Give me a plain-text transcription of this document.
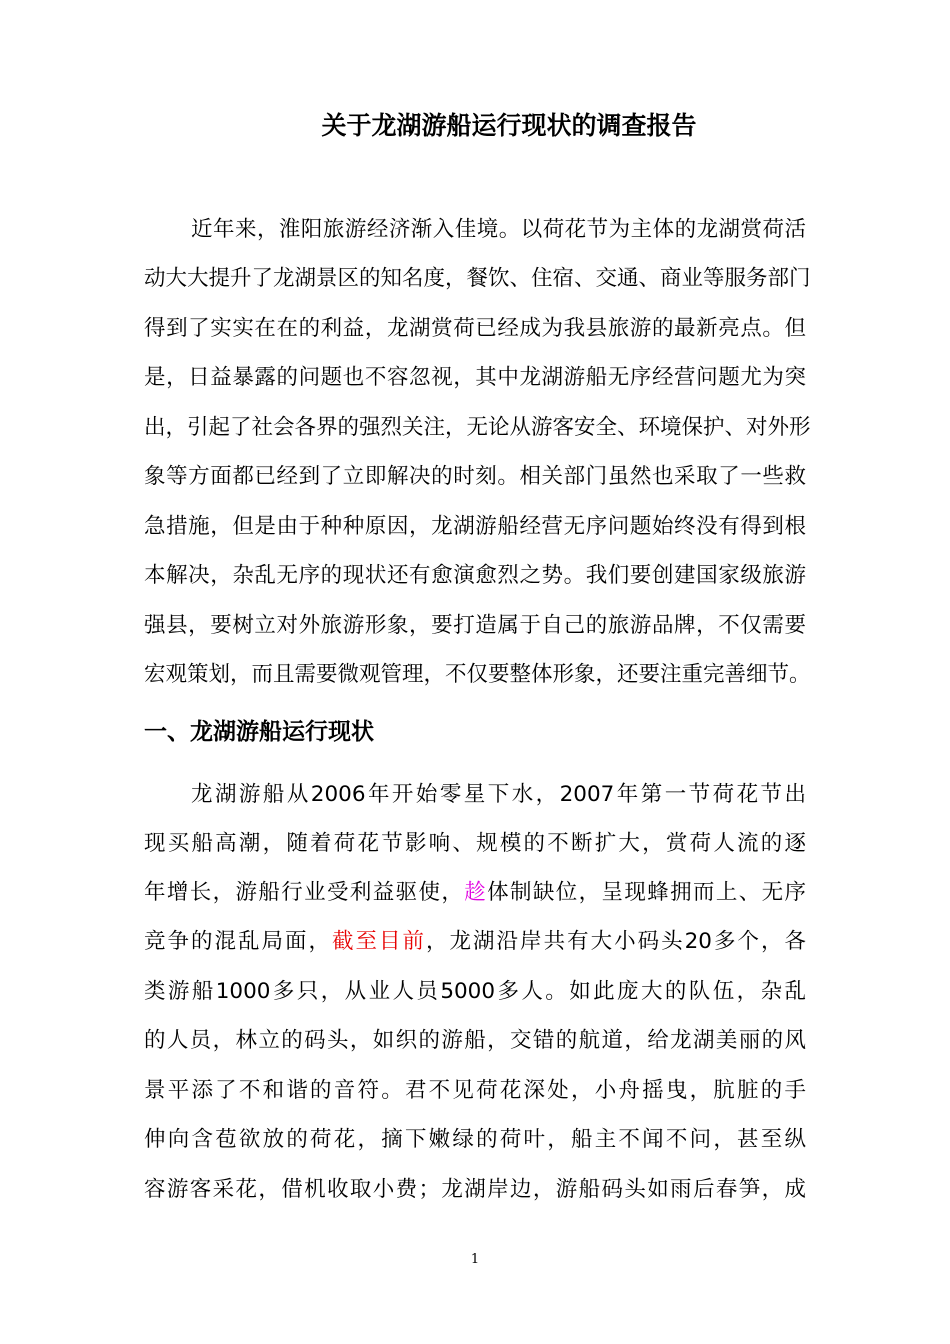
关于龙湖游船运行现状的调查报告
近年来，淮阳旅游经济渐入佳境。以荷花节为主体的龙湖赏荷活
动大大提升了龙湖景区的知名度，餐饮、住宿、交通、商业等服务部门
得到了实实在在的利益，龙湖赏荷已经成为我县旅游的最新亮点。但
是，日益暴露的问题也不容忽视，其中龙湖游船无序经营问题尤为突
出，引起了社会各界的强烈关注，无论从游客安全、环境保护、对外形
象等方面都已经到了立即解决的时刻。相关部门虽然也采取了一些救
急措施，但是由于种种原因，龙湖游船经营无序问题始终没有得到根
本解决，杂乱无序的现状还有愈演愈烈之势。我们要创建国家级旅游
强县，要树立对外旅游形象，要打造属于自己的旅游品牌，不仅需要
宏观策划，而且需要微观管理，不仅要整体形象，还要注重完善细节。
一、龙湖游船运行现状
龙湖游船从2006年开始零星下水，2007年第一节荷花节出
现买船高潮，随着荷花节影响、规模的不断扩大，赏荷人流的逐
年增长，游船行业受利益驱使，趁体制缺位，呈现蜂拥而上、无序
竞争的混乱局面，截至目前，龙湖沿岸共有大小码头20多个，各
类游船1000多只，从业人员5000多人。如此庞大的队伍，杂乱
的人员，林立的码头，如织的游船，交错的航道，给龙湖美丽的风
景平添了不和谐的音符。君不见荷花深处，小舟摇曳，肮脏的手
伸向含苞欲放的荷花，摘下嫩绿的荷叶，船主不闻不问，甚至纵
容游客采花，借机收取小费；龙湖岸边，游船码头如雨后春笋，成
1
